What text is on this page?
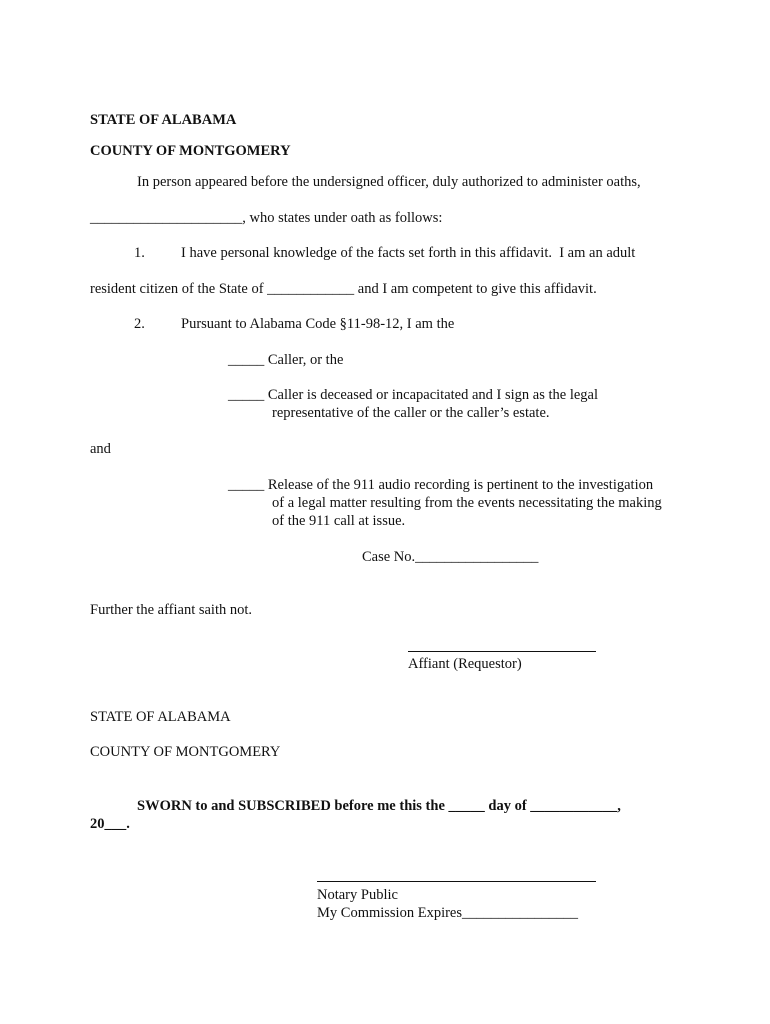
STATE OF ALABAMA
COUNTY OF MONTGOMERY
In person appeared before the undersigned officer, duly authorized to administer oaths,
_____________________, who states under oath as follows:
1. I have personal knowledge of the facts set forth in this affidavit.  I am an adult
resident citizen of the State of ____________ and I am competent to give this affidavit.
2. Pursuant to Alabama Code §11-98-12, I am the
_____ Caller, or the
_____ Caller is deceased or incapacitated and I sign as the legal
representative of the caller or the caller’s estate.
and
_____ Release of the 911 audio recording is pertinent to the investigation
of a legal matter resulting from the events necessitating the making
of the 911 call at issue.
Case No._________________
Further the affiant saith not.
Affiant (Requestor)
STATE OF ALABAMA
COUNTY OF MONTGOMERY
SWORN to and SUBSCRIBED before me this the _____ day of ____________,
20___.
Notary Public
My Commission Expires________________
